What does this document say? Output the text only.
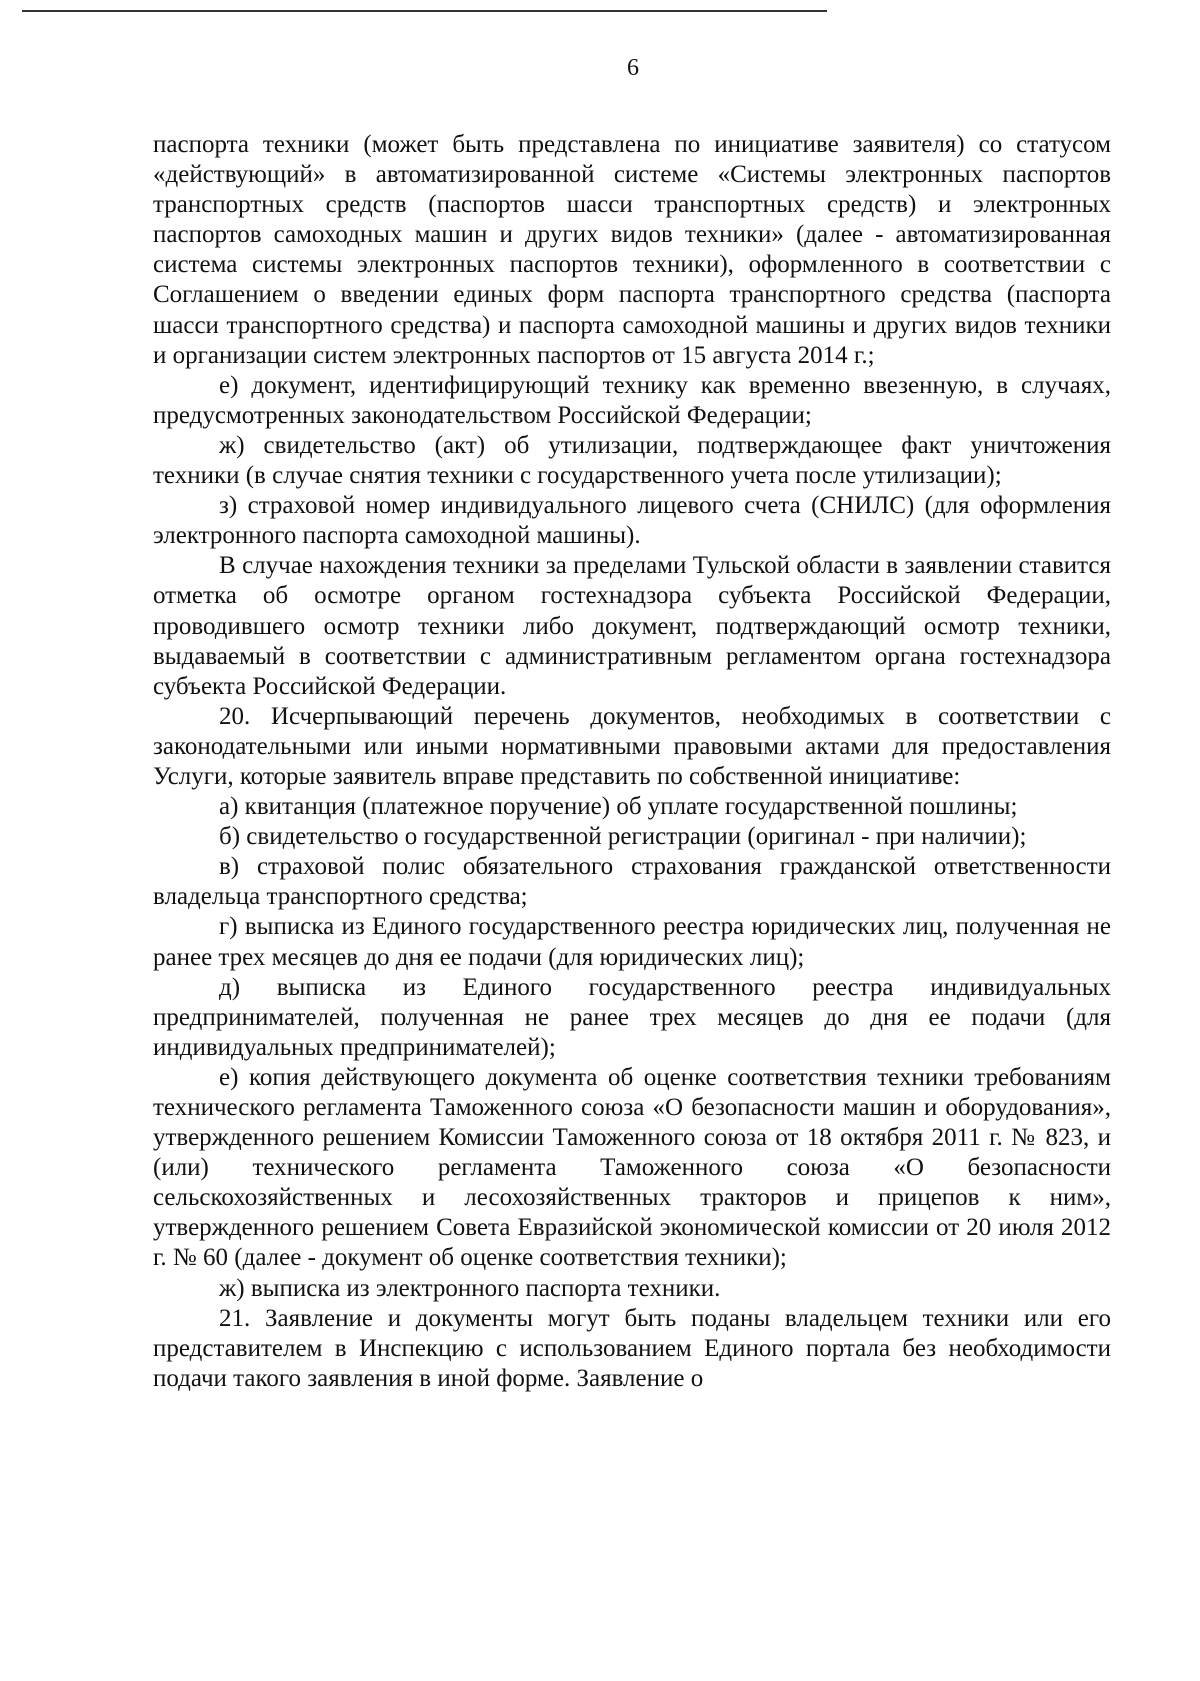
6

паспорта техники (может быть представлена по инициативе заявителя) со статусом «действующий» в автоматизированной системе «Системы электронных паспортов транспортных средств (паспортов шасси транспортных средств) и электронных паспортов самоходных машин и других видов техники» (далее - автоматизированная система системы электронных паспортов техники), оформленного в соответствии с Соглашением о введении единых форм паспорта транспортного средства (паспорта шасси транспортного средства) и паспорта самоходной машины и других видов техники и организации систем электронных паспортов от 15 августа 2014 г.;

е) документ, идентифицирующий технику как временно ввезенную, в случаях, предусмотренных законодательством Российской Федерации;

ж) свидетельство (акт) об утилизации, подтверждающее факт уничтожения техники (в случае снятия техники с государственного учета после утилизации);

з) страховой номер индивидуального лицевого счета (СНИЛС) (для оформления электронного паспорта самоходной машины).

В случае нахождения техники за пределами Тульской области в заявлении ставится отметка об осмотре органом гостехнадзора субъекта Российской Федерации, проводившего осмотр техники либо документ, подтверждающий осмотр техники, выдаваемый в соответствии с административным регламентом органа гостехнадзора субъекта Российской Федерации.

20. Исчерпывающий перечень документов, необходимых в соответствии с законодательными или иными нормативными правовыми актами для предоставления Услуги, которые заявитель вправе представить по собственной инициативе:

а) квитанция (платежное поручение) об уплате государственной пошлины;

б) свидетельство о государственной регистрации (оригинал - при наличии);

в) страховой полис обязательного страхования гражданской ответственности владельца транспортного средства;

г) выписка из Единого государственного реестра юридических лиц, полученная не ранее трех месяцев до дня ее подачи (для юридических лиц);

д) выписка из Единого государственного реестра индивидуальных предпринимателей, полученная не ранее трех месяцев до дня ее подачи (для индивидуальных предпринимателей);

е) копия действующего документа об оценке соответствия техники требованиям технического регламента Таможенного союза «О безопасности машин и оборудования», утвержденного решением Комиссии Таможенного союза от 18 октября 2011 г. № 823, и (или) технического регламента Таможенного союза «О безопасности сельскохозяйственных и лесохозяйственных тракторов и прицепов к ним», утвержденного решением Совета Евразийской экономической комиссии от 20 июля 2012 г. № 60 (далее - документ об оценке соответствия техники);

ж) выписка из электронного паспорта техники.

21. Заявление и документы могут быть поданы владельцем техники или его представителем в Инспекцию с использованием Единого портала без необходимости подачи такого заявления в иной форме. Заявление о
